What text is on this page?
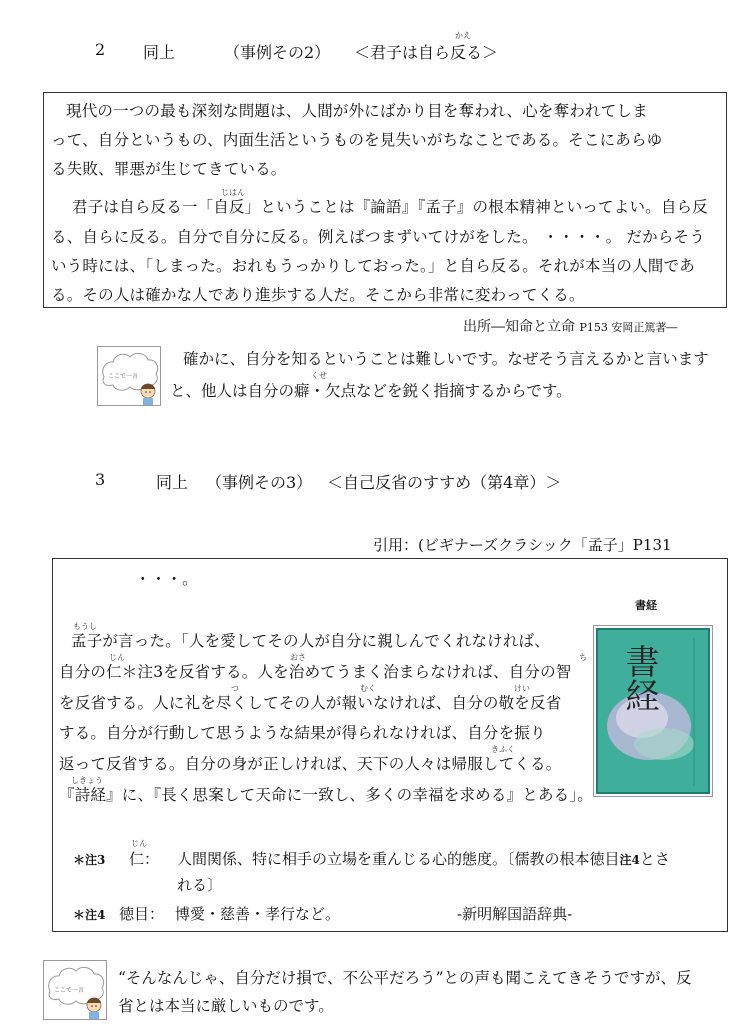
2 同上	（事例その2） ＜君子は自ら反る＞
かえ
現代の一つの最も深刻な問題は、人間が外にばかり目を奪われ、心を奪われてしま
って、自分というもの、内面生活というものを見失いがちなことである。そこにあらゆ
る失敗、罪悪が生じてきている。
じはん
君子は自ら反る一「自反」ということは『論語』『孟子』の根本精神といってよい。自ら反
る、自らに反る。自分で自分に反る。例えばつまずいてけがをした。 ・・・・。 だからそう
いう時には、「しまった。おれもうっかりしておった。」と自ら反る。それが本当の人間であ
る。その人は確かな人であり進歩する人だ。そこから非常に変わってくる。
出所―知命と立命 P153 安岡正篤著―
ここで一言
確かに、自分を知るということは難しいです。なぜそう言えるかと言います
くせ
と、他人は自分の癖・欠点などを鋭く指摘するからです。
3	同上 （事例その3） ＜自己反省のすすめ（第4章）＞
引用：(ビギナーズクラシック「孟子」P131
・・・。
もうし
孟子が言った。「人を愛してその人が自分に親しんでくれなければ、
じん	おさ	ち
自分の仁＊注3を反省する。人を治めてうまく治まらなければ、自分の智
つ	むく	けい
を反省する。人に礼を尽くしてその人が報いなければ、自分の敬を反省
する。自分が行動して思うような結果が得られなければ、自分を振り
きふく
返って反省する。自分の身が正しければ、天下の人々は帰服してくる。
しきょう
『詩経』に、『長く思案して天命に一致し、多くの幸福を求める』とある」。
書経
書経
じん
＊注3 仁： 人間関係、特に相手の立場を重んじる心的態度。〔儒教の根本徳目注4とさ
れる〕
＊注4 徳目： 博愛・慈善・孝行など。	-新明解国語辞典-
ここで一言
“そんなんじゃ、自分だけ損で、不公平だろう”との声も聞こえてきそうですが、反
省とは本当に厳しいものです。
